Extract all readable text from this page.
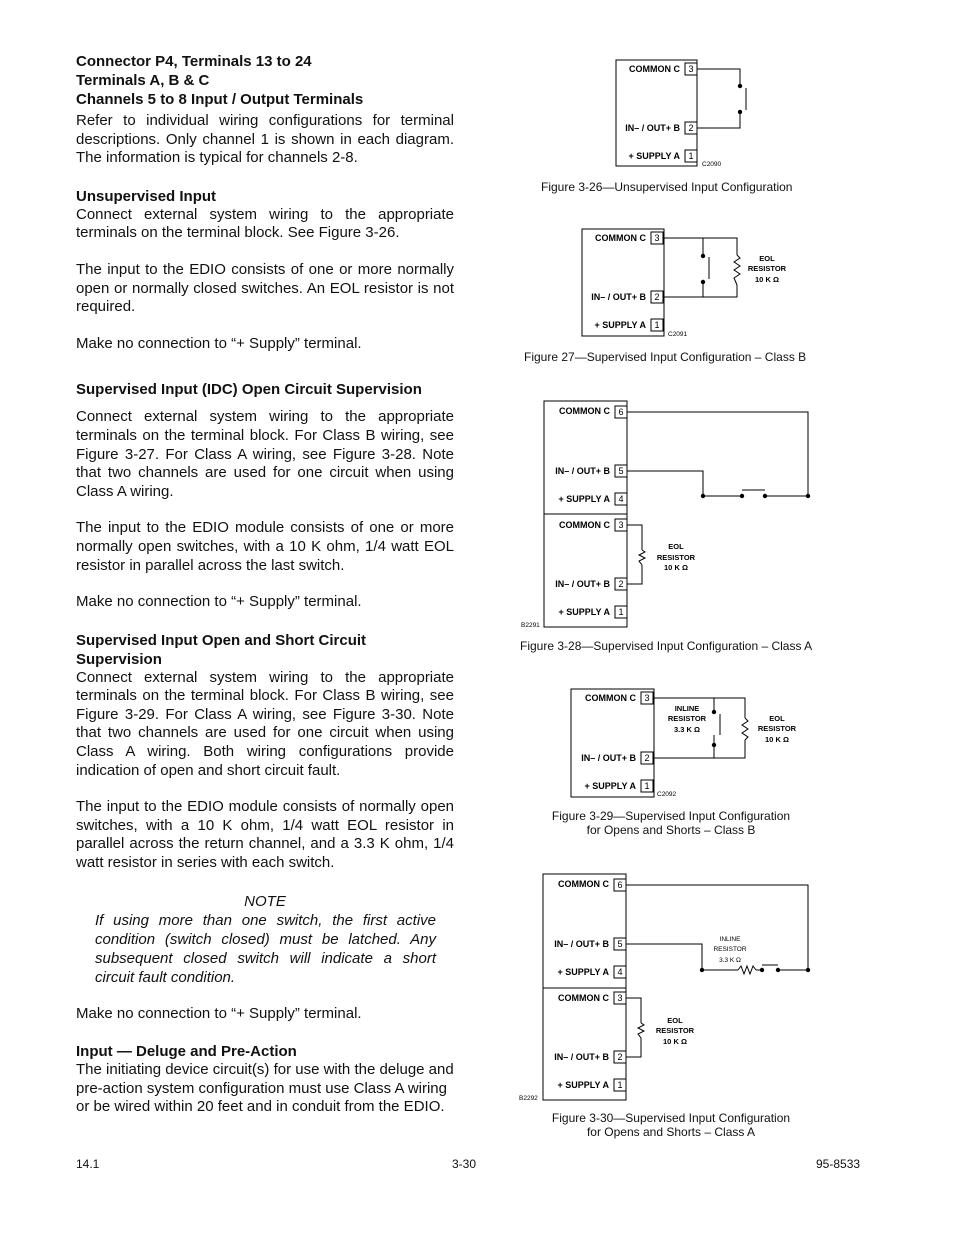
Connector P4, Terminals 13 to 24

Terminals A, B & C

Channels 5 to 8 Input / Output Terminals

Refer to individual wiring configurations for terminal descriptions. Only channel 1 is shown in each diagram. The information is typical for channels 2-8.

Unsupervised Input

Connect external system wiring to the appropriate terminals on the terminal block. See Figure 3-26.

The input to the EDIO consists of one or more normally open or normally closed switches. An EOL resistor is not required.

Make no connection to “+ Supply” terminal.

Supervised Input (IDC) Open Circuit Supervision

Connect external system wiring to the appropriate terminals on the terminal block. For Class B wiring, see Figure 3-27. For Class A wiring, see Figure 3-28. Note that two channels are used for one circuit when using Class A wiring.

The input to the EDIO module consists of one or more normally open switches, with a 10 K ohm, 1/4 watt EOL resistor in parallel across the last switch.

Make no connection to “+ Supply” terminal.

Supervised Input Open and Short Circuit Supervision

Connect external system wiring to the appropriate terminals on the terminal block. For Class B wiring, see Figure 3-29. For Class A wiring, see Figure 3-30. Note that two channels are used for one circuit when using Class A wiring. Both wiring configurations provide indication of open and short circuit fault.

The input to the EDIO module consists of normally open switches, with a 10 K ohm, 1/4 watt EOL resistor in parallel across the return channel, and a 3.3 K ohm, 1/4 watt resistor in series with each switch.

NOTE

If using more than one switch, the first active condition (switch closed) must be latched. Any subsequent closed switch will indicate a short circuit fault condition.

Make no connection to “+ Supply” terminal.

Input — Deluge and Pre-Action

The initiating device circuit(s) for use with the deluge and pre-action system configuration must use Class A wiring or be wired within 20 feet and in conduit from the EDIO.

COMMON C
IN– / OUT+ B
+ SUPPLY A
3
2
1
C2090
COMMON C
IN– / OUT+ B
+ SUPPLY A
3
2
1
EOL
RESISTOR
10 K Ω
C2091
COMMON C
IN– / OUT+ B
+ SUPPLY A
COMMON C
IN– / OUT+ B
+ SUPPLY A
6
5
4
3
2
1
EOL
RESISTOR
10 K Ω
B2291
COMMON C
IN– / OUT+ B
+ SUPPLY A
3
2
1
INLINE
RESISTOR
3.3 K Ω
EOL
RESISTOR
10 K Ω
C2092
COMMON C
IN– / OUT+ B
+ SUPPLY A
COMMON C
IN– / OUT+ B
+ SUPPLY A
6
5
4
3
2
1
INLINE
RESISTOR
3.3 K Ω
EOL
RESISTOR
10 K Ω
B2292
Figure 3-26—Unsupervised Input Configuration
Figure 27—Supervised Input Configuration – Class B
Figure 3-28—Supervised Input Configuration – Class A
Figure 3-29—Supervised Input Configuration
for Opens and Shorts – Class B
Figure 3-30—Supervised Input Configuration
for Opens and Shorts – Class A
14.1	3-30	95-8533
